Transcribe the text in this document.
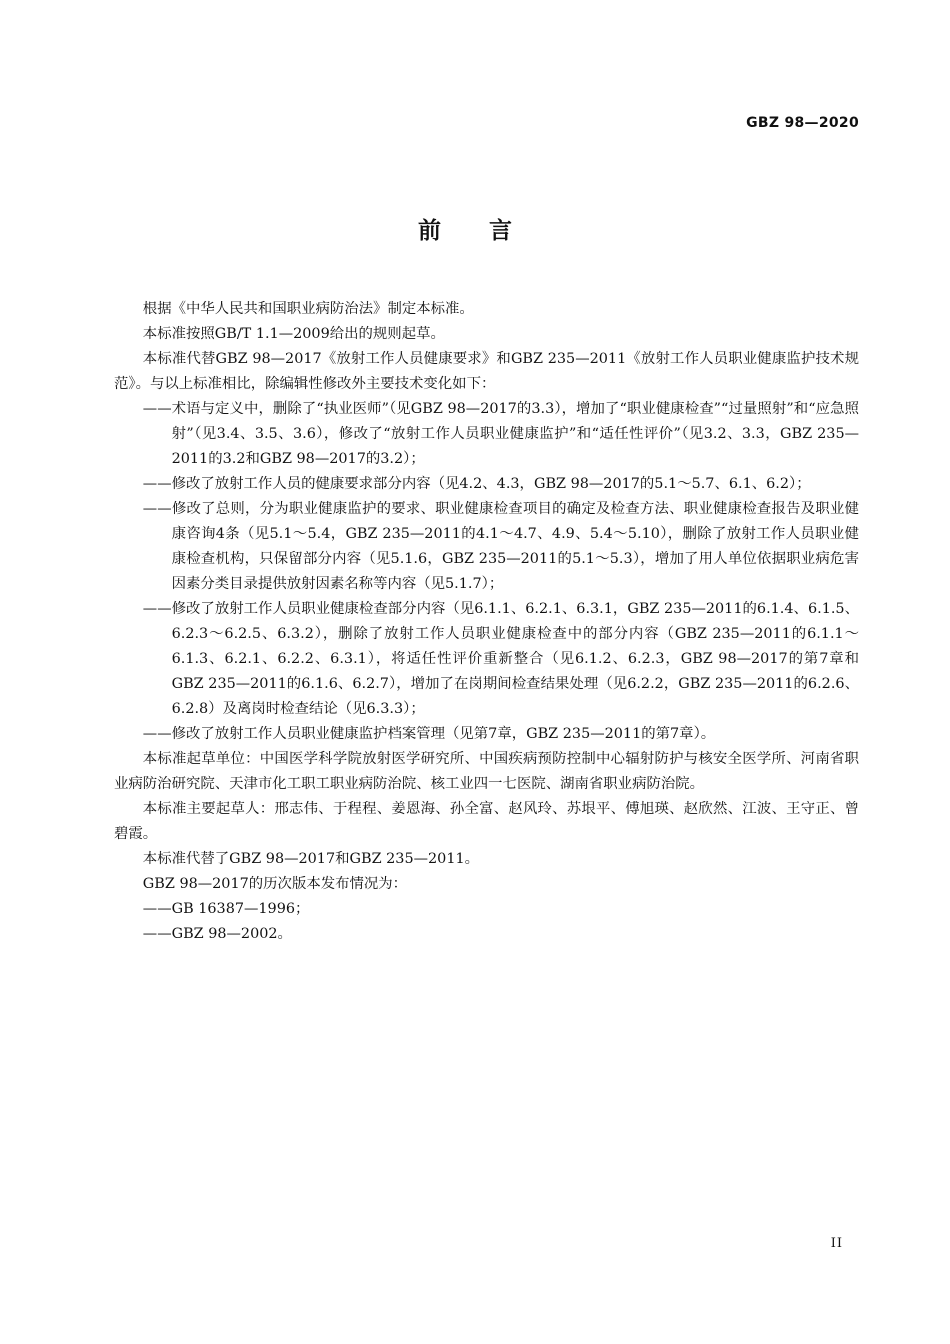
GBZ 98—2020
前 言

根据《中华人民共和国职业病防治法》制定本标准。

本标准按照GB/T 1.1—2009给出的规则起草。

本标准代替GBZ 98—2017《放射工作人员健康要求》和GBZ 235—2011《放射工作人员职业健康监护技术规范》。与以上标准相比，除编辑性修改外主要技术变化如下：

——术语与定义中，删除了“执业医师”（见GBZ 98—2017的3.3），增加了“职业健康检查”“过量照射”和“应急照射”（见3.4、3.5、3.6），修改了“放射工作人员职业健康监护”和“适任性评价”（见3.2、3.3，GBZ 235—2011的3.2和GBZ 98—2017的3.2）；

——修改了放射工作人员的健康要求部分内容（见4.2、4.3，GBZ 98—2017的5.1～5.7、6.1、6.2）；

——修改了总则，分为职业健康监护的要求、职业健康检查项目的确定及检查方法、职业健康检查报告及职业健康咨询4条（见5.1～5.4，GBZ 235—2011的4.1～4.7、4.9、5.4～5.10），删除了放射工作人员职业健康检查机构，只保留部分内容（见5.1.6，GBZ 235—2011的5.1～5.3），增加了用人单位依据职业病危害因素分类目录提供放射因素名称等内容（见5.1.7）；

——修改了放射工作人员职业健康检查部分内容（见6.1.1、6.2.1、6.3.1，GBZ 235—2011的6.1.4、6.1.5、6.2.3～6.2.5、6.3.2），删除了放射工作人员职业健康检查中的部分内容（GBZ 235—2011的6.1.1～6.1.3、6.2.1、6.2.2、6.3.1），将适任性评价重新整合（见6.1.2、6.2.3，GBZ 98—2017的第7章和GBZ 235—2011的6.1.6、6.2.7），增加了在岗期间检查结果处理（见6.2.2，GBZ 235—2011的6.2.6、6.2.8）及离岗时检查结论（见6.3.3）；

——修改了放射工作人员职业健康监护档案管理（见第7章，GBZ 235—2011的第7章）。

本标准起草单位：中国医学科学院放射医学研究所、中国疾病预防控制中心辐射防护与核安全医学所、河南省职业病防治研究院、天津市化工职工职业病防治院、核工业四一七医院、湖南省职业病防治院。

本标准主要起草人：邢志伟、于程程、姜恩海、孙全富、赵风玲、苏垠平、傅旭瑛、赵欣然、江波、王守正、曾碧霞。

本标准代替了GBZ 98—2017和GBZ 235—2011。

GBZ 98—2017的历次版本发布情况为：

——GB 16387—1996；

——GBZ 98—2002。

II
